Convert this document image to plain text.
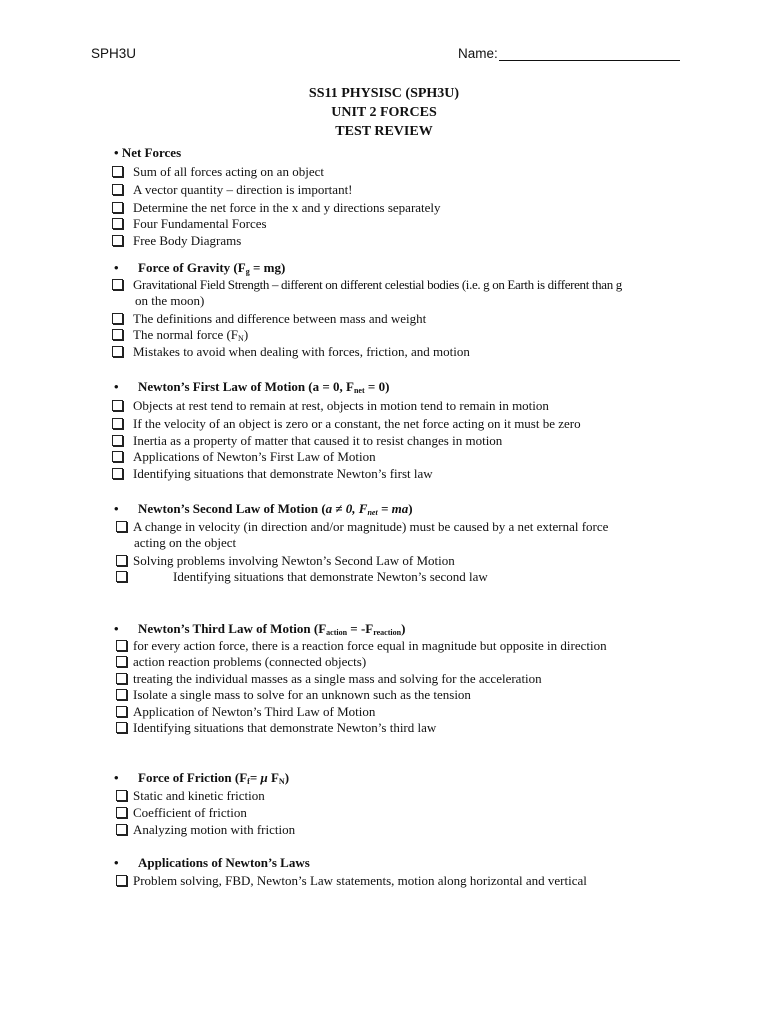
SPH3U	Name:
SS11 PHYSISC (SPH3U)
UNIT 2 FORCES
TEST REVIEW
• Net Forces
Sum of all forces acting on an object
A vector quantity – direction is important!
Determine the net force in the x and y directions separately
Four Fundamental Forces
Free Body Diagrams
• Force of Gravity $(F_g = mg)$
Gravitational Field Strength – different on different celestial bodies (i.e. g on Earth is different than g
on the moon)
The definitions and difference between mass and weight
The normal force $(F_N)$
Mistakes to avoid when dealing with forces, friction, and motion
• Newton’s First Law of Motion (a = 0, $F_{net} = 0$)
Objects at rest tend to remain at rest, objects in motion tend to remain in motion
If the velocity of an object is zero or a constant, the net force acting on it must be zero
Inertia as a property of matter that caused it to resist changes in motion
Applications of Newton’s First Law of Motion
Identifying situations that demonstrate Newton’s first law
• Newton’s Second Law of Motion (a ≠ 0, $F_{net} = ma$)
A change in velocity (in direction and/or magnitude) must be caused by a net external force
acting on the object
Solving problems involving Newton’s Second Law of Motion
Identifying situations that demonstrate Newton’s second law
• Newton’s Third Law of Motion $(F_{action} = -F_{reaction})$
for every action force, there is a reaction force equal in magnitude but opposite in direction
action reaction problems (connected objects)
treating the individual masses as a single mass and solving for the acceleration
Isolate a single mass to solve for an unknown such as the tension
Application of Newton’s Third Law of Motion
Identifying situations that demonstrate Newton’s third law
• Force of Friction ($F_f= \mu$ $F_N$)
Static and kinetic friction
Coefficient of friction
Analyzing motion with friction
• Applications of Newton’s Laws
Problem solving, FBD, Newton’s Law statements, motion along horizontal and vertical
